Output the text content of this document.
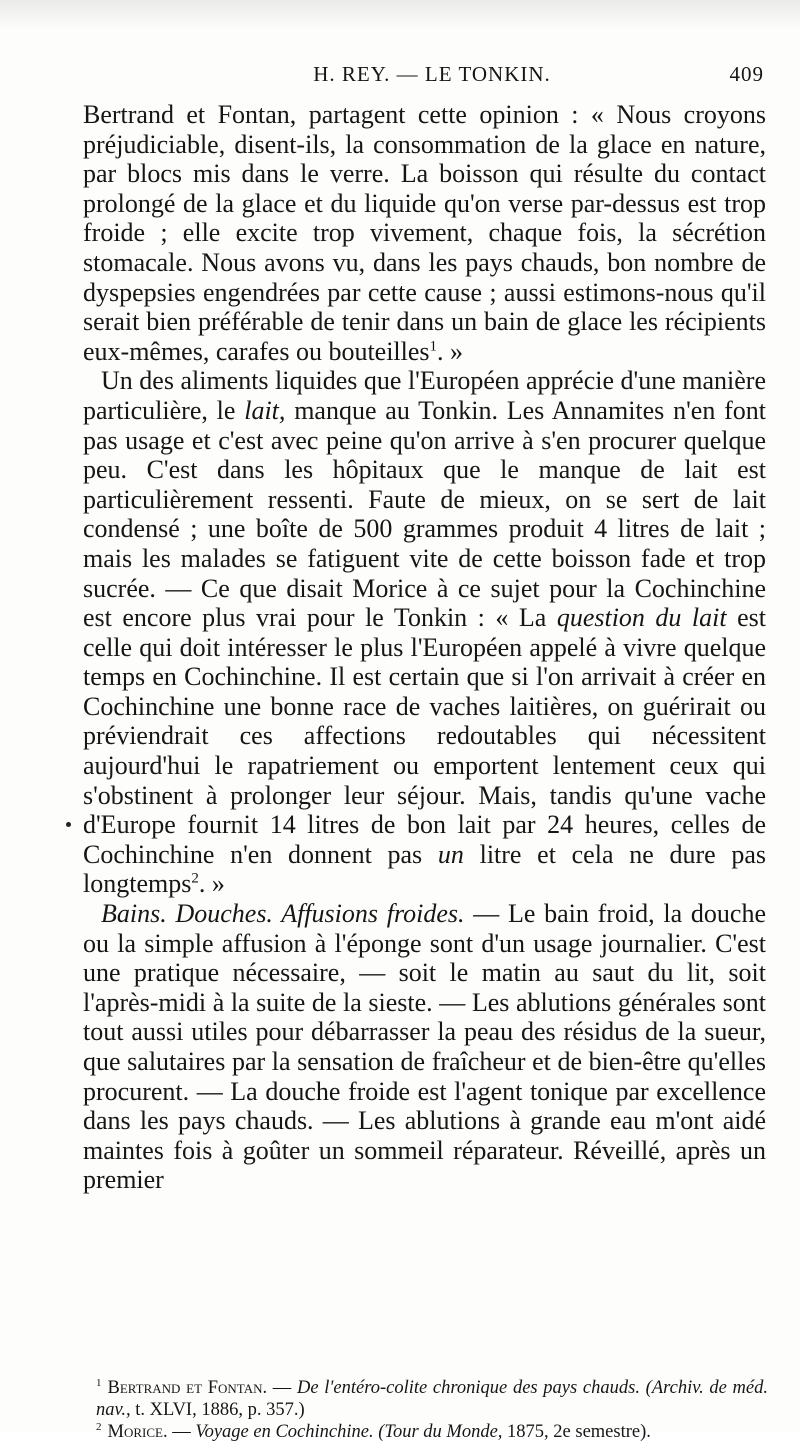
H. REY. — LE TONKIN.	409

Bertrand et Fontan, partagent cette opinion : « Nous croyons préjudiciable, disent-ils, la consommation de la glace en nature, par blocs mis dans le verre. La boisson qui résulte du contact prolongé de la glace et du liquide qu'on verse par-dessus est trop froide ; elle excite trop vivement, chaque fois, la sécrétion stomacale. Nous avons vu, dans les pays chauds, bon nombre de dyspepsies engendrées par cette cause ; aussi estimons-nous qu'il serait bien préférable de tenir dans un bain de glace les récipients eux-mêmes, carafes ou bouteilles$^1$. »

Un des aliments liquides que l'Européen apprécie d'une manière particulière, le lait, manque au Tonkin. Les Annamites n'en font pas usage et c'est avec peine qu'on arrive à s'en procurer quelque peu. C'est dans les hôpitaux que le manque de lait est particulièrement ressenti. Faute de mieux, on se sert de lait condensé ; une boîte de 500 grammes produit 4 litres de lait ; mais les malades se fatiguent vite de cette boisson fade et trop sucrée. — Ce que disait Morice à ce sujet pour la Cochinchine est encore plus vrai pour le Tonkin : « La question du lait est celle qui doit intéresser le plus l'Européen appelé à vivre quelque temps en Cochinchine. Il est certain que si l'on arrivait à créer en Cochinchine une bonne race de vaches laitières, on guérirait ou préviendrait ces affections redoutables qui nécessitent aujourd'hui le rapatriement ou emportent lentement ceux qui s'obstinent à prolonger leur séjour. Mais, tandis qu'une vache d'Europe fournit 14 litres de bon lait par 24 heures, celles de Cochinchine n'en donnent pas un litre et cela ne dure pas longtemps$^2$. »

Bains. Douches. Affusions froides. — Le bain froid, la douche ou la simple affusion à l'éponge sont d'un usage journalier. C'est une pratique nécessaire, — soit le matin au saut du lit, soit l'après-midi à la suite de la sieste. — Les ablutions générales sont tout aussi utiles pour débarrasser la peau des résidus de la sueur, que salutaires par la sensation de fraîcheur et de bien-être qu'elles procurent. — La douche froide est l'agent tonique par excellence dans les pays chauds. — Les ablutions à grande eau m'ont aidé maintes fois à goûter un sommeil réparateur. Réveillé, après un premier

$^1$ Bertrand et Fontan. — De l'entéro-colite chronique des pays chauds. (Archiv. de méd. nav., t. XLVI, 1886, p. 357.)

$^2$ Morice. — Voyage en Cochinchine. (Tour du Monde, 1875, 2e semestre).
